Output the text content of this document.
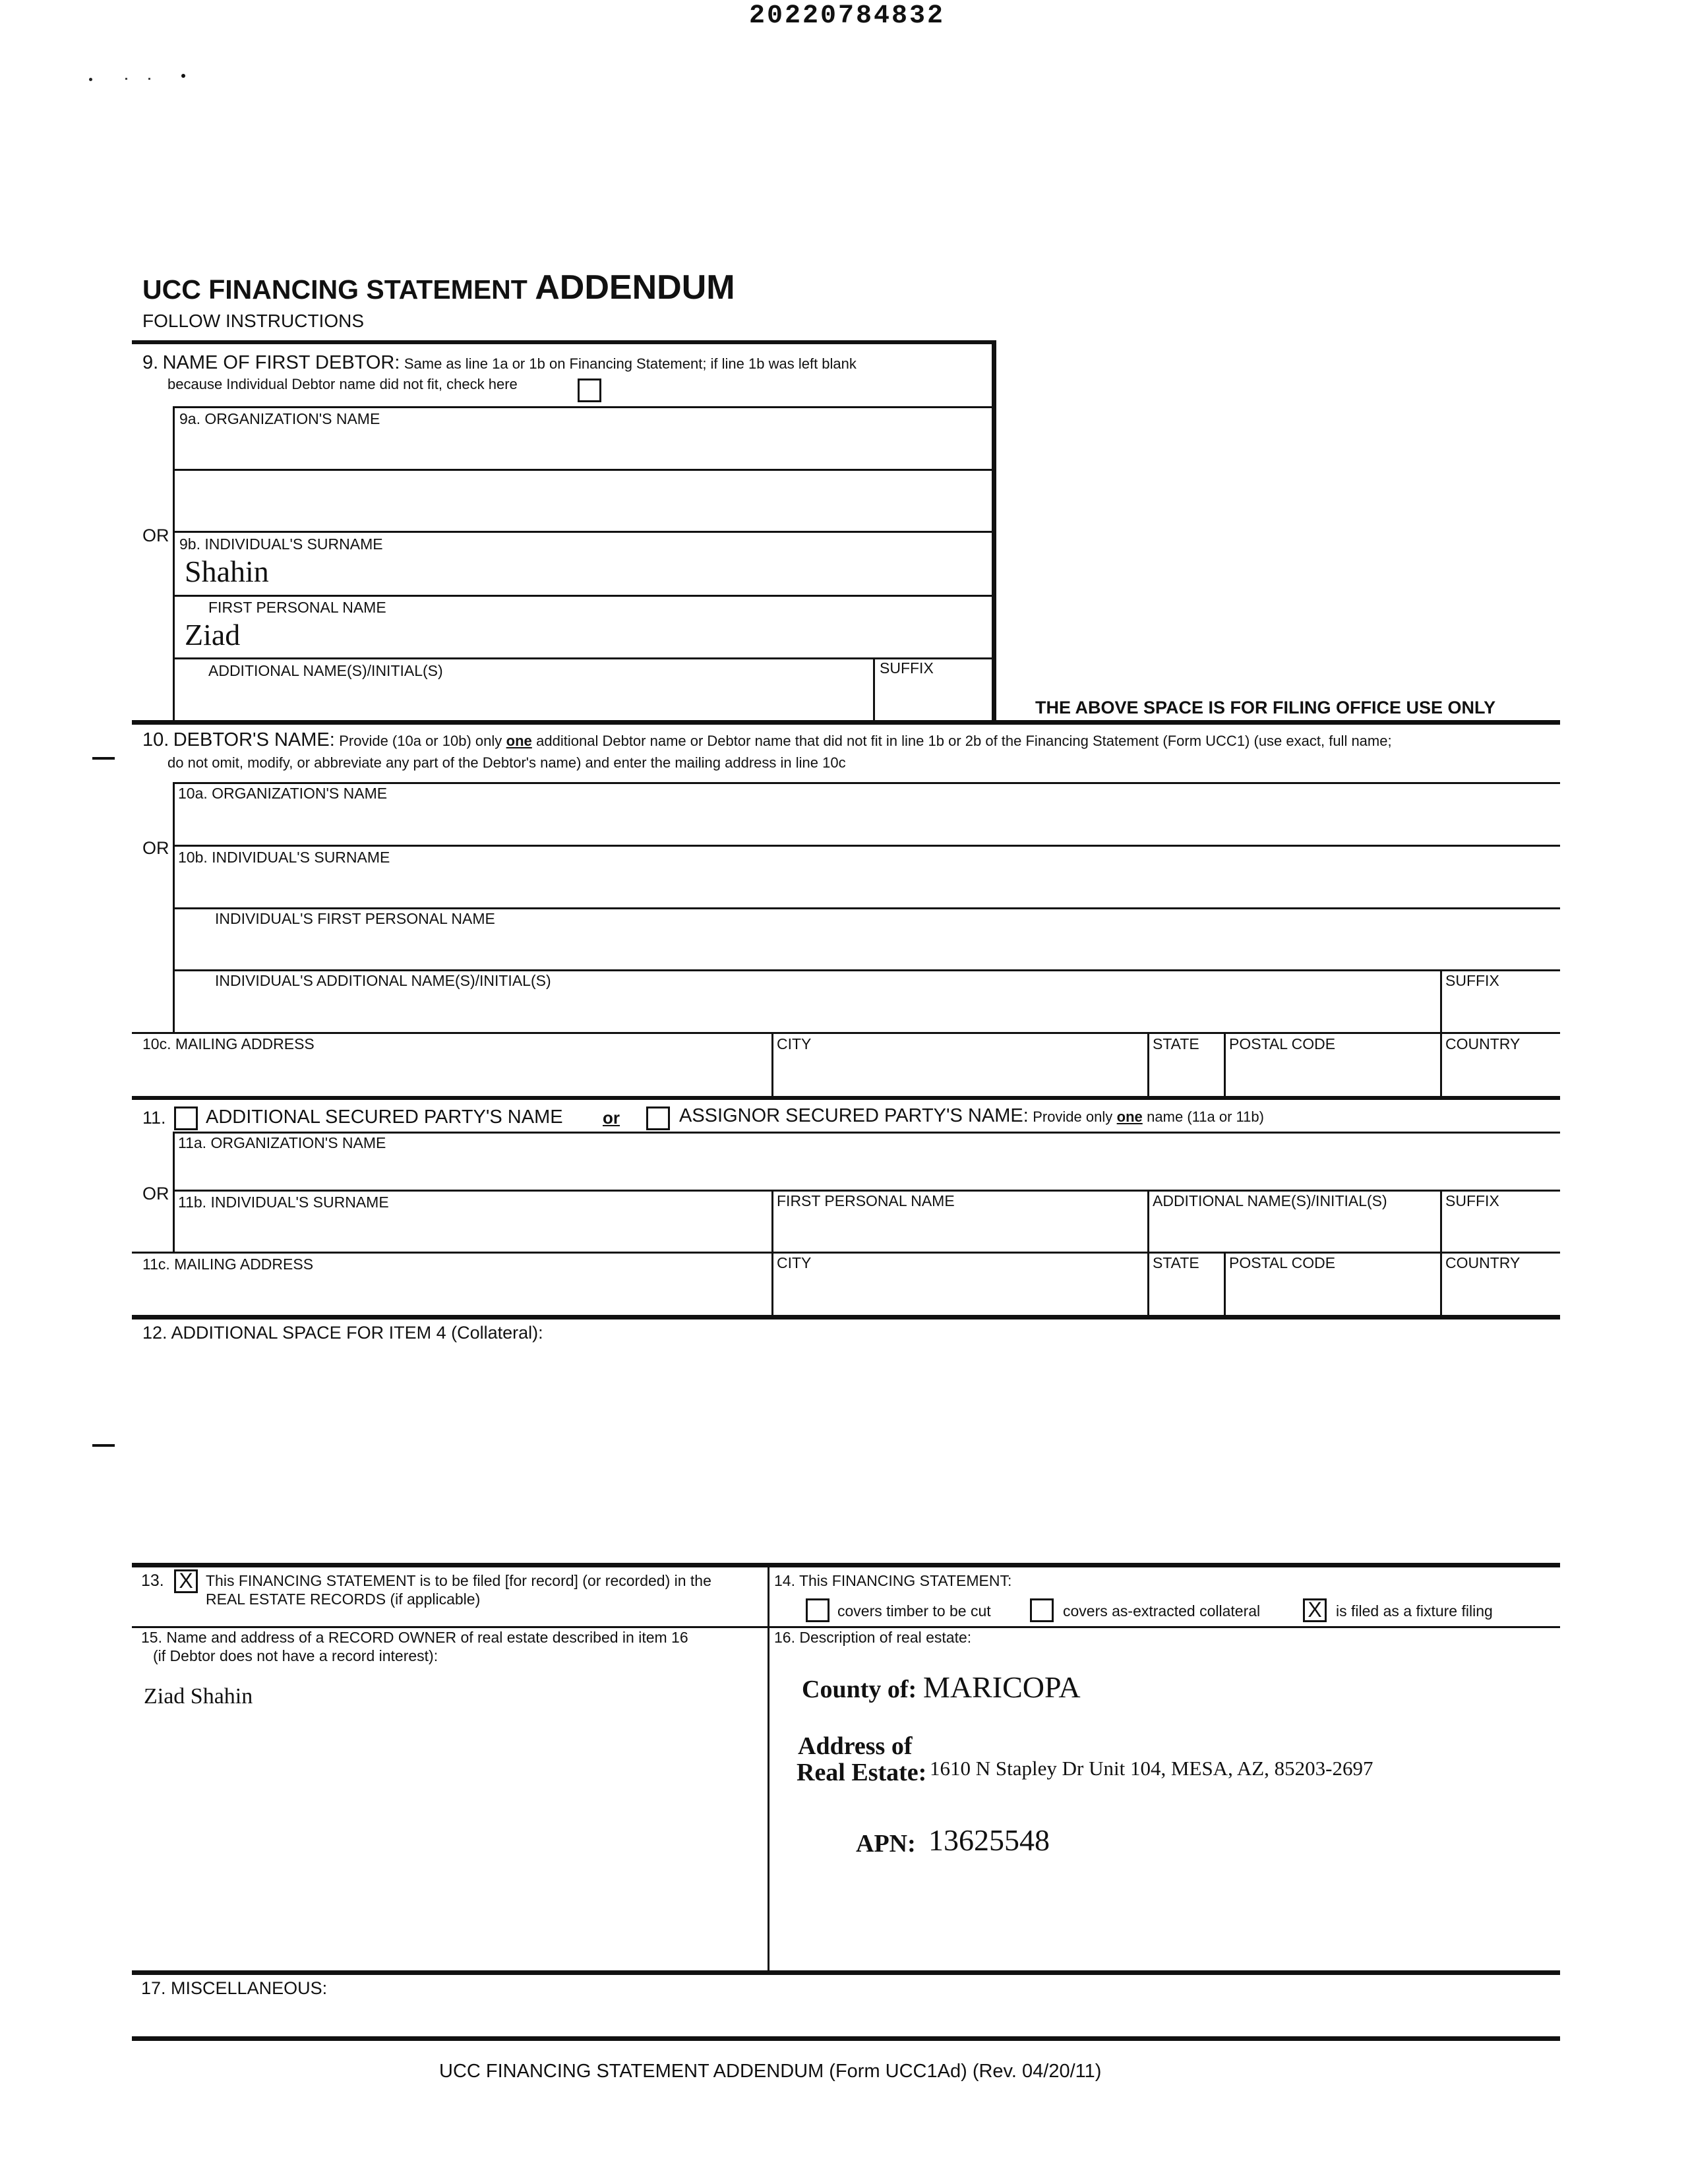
20220784832
UCC FINANCING STATEMENT ADDENDUM
FOLLOW INSTRUCTIONS
9. NAME OF FIRST DEBTOR: Same as line 1a or 1b on Financing Statement; if line 1b was left blank
because Individual Debtor name did not fit, check here
9a. ORGANIZATION'S NAME
OR 9b. INDIVIDUAL'S SURNAME
Shahin
FIRST PERSONAL NAME
Ziad
ADDITIONAL NAME(S)/INITIAL(S)	SUFFIX
THE ABOVE SPACE IS FOR FILING OFFICE USE ONLY
10. DEBTOR'S NAME: Provide (10a or 10b) only one additional Debtor name or Debtor name that did not fit in line 1b or 2b of the Financing Statement (Form UCC1) (use exact, full name;
do not omit, modify, or abbreviate any part of the Debtor's name) and enter the mailing address in line 10c
10a. ORGANIZATION'S NAME
OR 10b. INDIVIDUAL'S SURNAME
INDIVIDUAL'S FIRST PERSONAL NAME
INDIVIDUAL'S ADDITIONAL NAME(S)/INITIAL(S)	SUFFIX
10c. MAILING ADDRESS	CITY	STATE POSTAL CODE	COUNTRY
11. ADDITIONAL SECURED PARTY'S NAME or	ASSIGNOR SECURED PARTY'S NAME: Provide only one name (11a or 11b)
11a. ORGANIZATION'S NAME
OR 11b. INDIVIDUAL'S SURNAME	FIRST PERSONAL NAME	ADDITIONAL NAME(S)/INITIAL(S)	SUFFIX
11c. MAILING ADDRESS	CITY	STATE POSTAL CODE	COUNTRY
12. ADDITIONAL SPACE FOR ITEM 4 (Collateral):
13. X This FINANCING STATEMENT is to be filed [for record] (or recorded) in the
REAL ESTATE RECORDS (if applicable)
14. This FINANCING STATEMENT:
covers timber to be cut	covers as-extracted collateral X is filed as a fixture filing
15. Name and address of a RECORD OWNER of real estate described in item 16
(if Debtor does not have a record interest):
Ziad Shahin
16. Description of real estate:
County of: MARICOPA
Address of
Real Estate: 1610 N Stapley Dr Unit 104, MESA, AZ, 85203-2697
APN: 13625548
17. MISCELLANEOUS:
UCC FINANCING STATEMENT ADDENDUM (Form UCC1Ad) (Rev. 04/20/11)
